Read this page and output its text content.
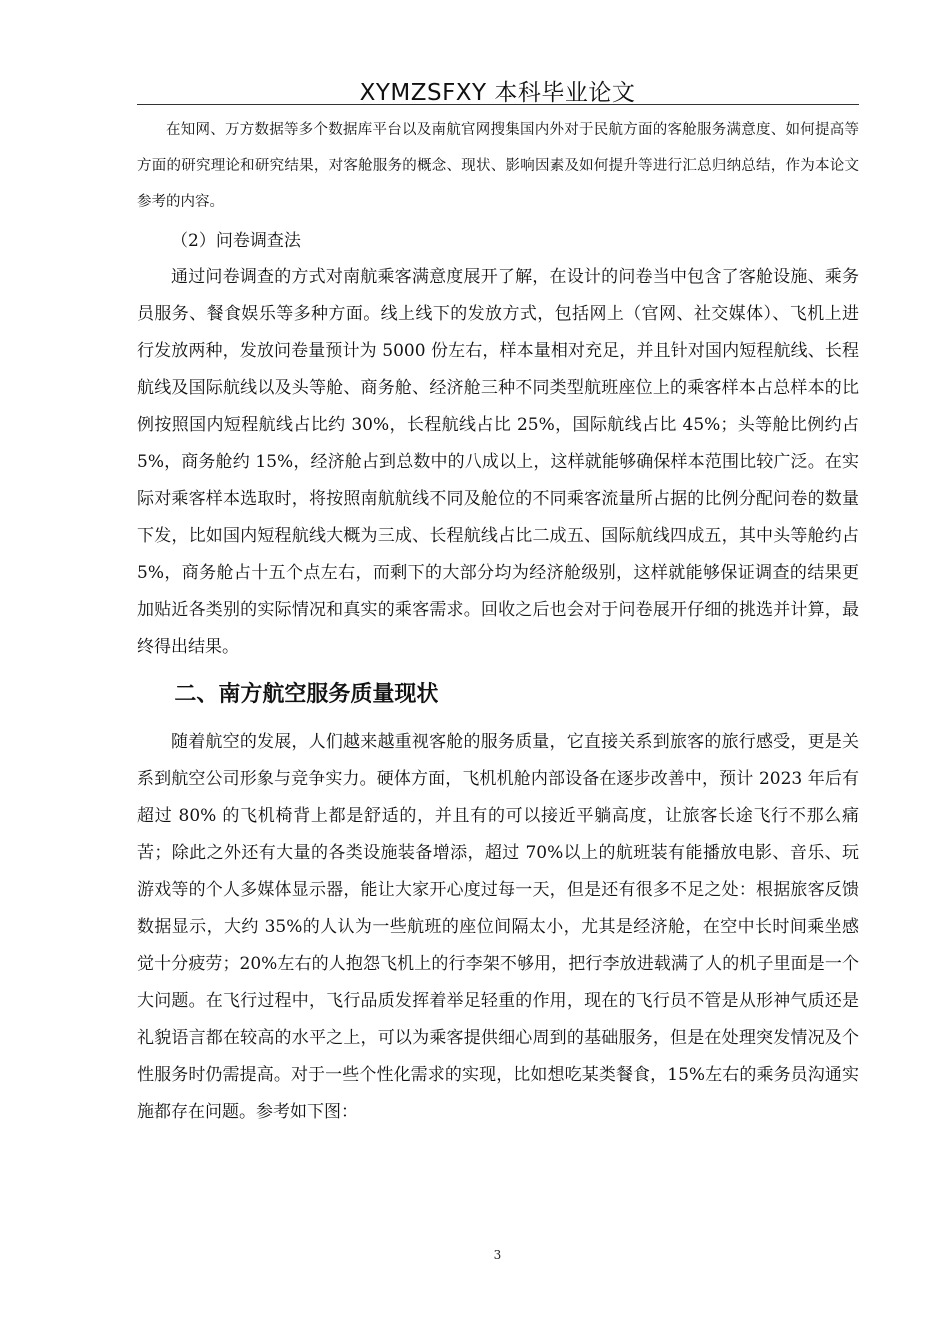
XYMZSFXY 本科毕业论文

在知网、万方数据等多个数据库平台以及南航官网搜集国内外对于民航方面的客舱服务满意度、如何提高等方面的研究理论和研究结果，对客舱服务的概念、现状、影响因素及如何提升等进行汇总归纳总结，作为本论文参考的内容。

（2）问卷调查法

通过问卷调查的方式对南航乘客满意度展开了解，在设计的问卷当中包含了客舱设施、乘务员服务、餐食娱乐等多种方面。线上线下的发放方式，包括网上（官网、社交媒体）、飞机上进行发放两种，发放问卷量预计为 5000 份左右，样本量相对充足，并且针对国内短程航线、长程航线及国际航线以及头等舱、商务舱、经济舱三种不同类型航班座位上的乘客样本占总样本的比例按照国内短程航线占比约 30%，长程航线占比 25%，国际航线占比 45%；头等舱比例约占 5%，商务舱约 15%，经济舱占到总数中的八成以上，这样就能够确保样本范围比较广泛。在实际对乘客样本选取时，将按照南航航线不同及舱位的不同乘客流量所占据的比例分配问卷的数量下发，比如国内短程航线大概为三成、长程航线占比二成五、国际航线四成五，其中头等舱约占 5%，商务舱占十五个点左右，而剩下的大部分均为经济舱级别，这样就能够保证调查的结果更加贴近各类别的实际情况和真实的乘客需求。回收之后也会对于问卷展开仔细的挑选并计算，最终得出结果。

二、南方航空服务质量现状

随着航空的发展，人们越来越重视客舱的服务质量，它直接关系到旅客的旅行感受，更是关系到航空公司形象与竞争实力。硬体方面，飞机机舱内部设备在逐步改善中，预计 2023 年后有超过 80% 的飞机椅背上都是舒适的，并且有的可以接近平躺高度，让旅客长途飞行不那么痛苦；除此之外还有大量的各类设施装备增添，超过 70%以上的航班装有能播放电影、音乐、玩游戏等的个人多媒体显示器，能让大家开心度过每一天，但是还有很多不足之处：根据旅客反馈数据显示，大约 35%的人认为一些航班的座位间隔太小，尤其是经济舱，在空中长时间乘坐感觉十分疲劳；20%左右的人抱怨飞机上的行李架不够用，把行李放进载满了人的机子里面是一个大问题。在飞行过程中，飞行品质发挥着举足轻重的作用，现在的飞行员不管是从形神气质还是礼貌语言都在较高的水平之上，可以为乘客提供细心周到的基础服务，但是在处理突发情况及个性服务时仍需提高。对于一些个性化需求的实现，比如想吃某类餐食，15%左右的乘务员沟通实施都存在问题。参考如下图：

3
